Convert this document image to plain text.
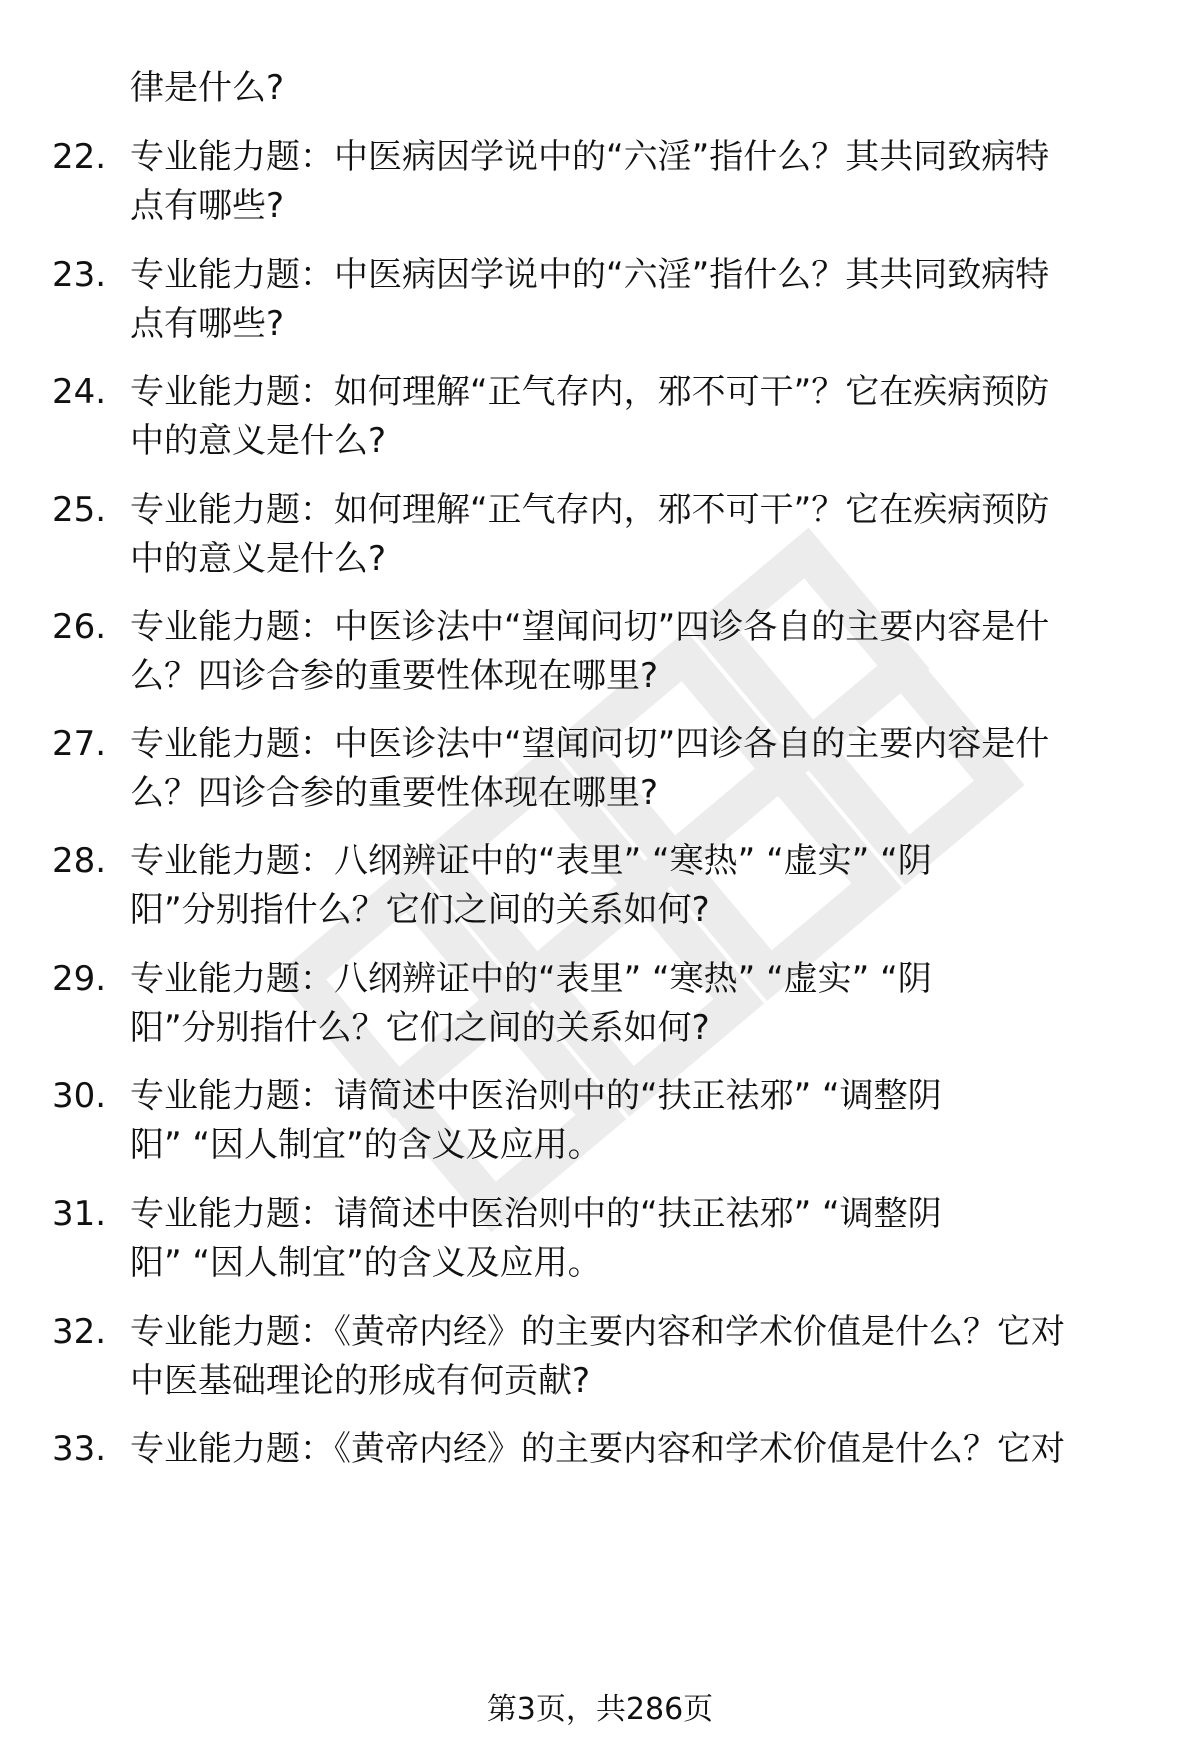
律是什么?
22. 专业能力题：中医病因学说中的“六淫”指什么？其共同致病特
点有哪些?
23. 专业能力题：中医病因学说中的“六淫”指什么？其共同致病特
点有哪些?
24. 专业能力题：如何理解“正气存内，邪不可干”？它在疾病预防
中的意义是什么?
25. 专业能力题：如何理解“正气存内，邪不可干”？它在疾病预防
中的意义是什么?
26. 专业能力题：中医诊法中“望闻问切”四诊各自的主要内容是什
么？四诊合参的重要性体现在哪里?
27. 专业能力题：中医诊法中“望闻问切”四诊各自的主要内容是什
么？四诊合参的重要性体现在哪里?
28. 专业能力题：八纲辨证中的“表里” “寒热” “虚实” “阴
阳”分别指什么？它们之间的关系如何?
29. 专业能力题：八纲辨证中的“表里” “寒热” “虚实” “阴
阳”分别指什么？它们之间的关系如何?
30. 专业能力题：请简述中医治则中的“扶正祛邪” “调整阴
阳” “因人制宜”的含义及应用。
31. 专业能力题：请简述中医治则中的“扶正祛邪” “调整阴
阳” “因人制宜”的含义及应用。
32. 专业能力题：《黄帝内经》的主要内容和学术价值是什么？它对
中医基础理论的形成有何贡献?
33. 专业能力题：《黄帝内经》的主要内容和学术价值是什么？它对
第3页，共286页
